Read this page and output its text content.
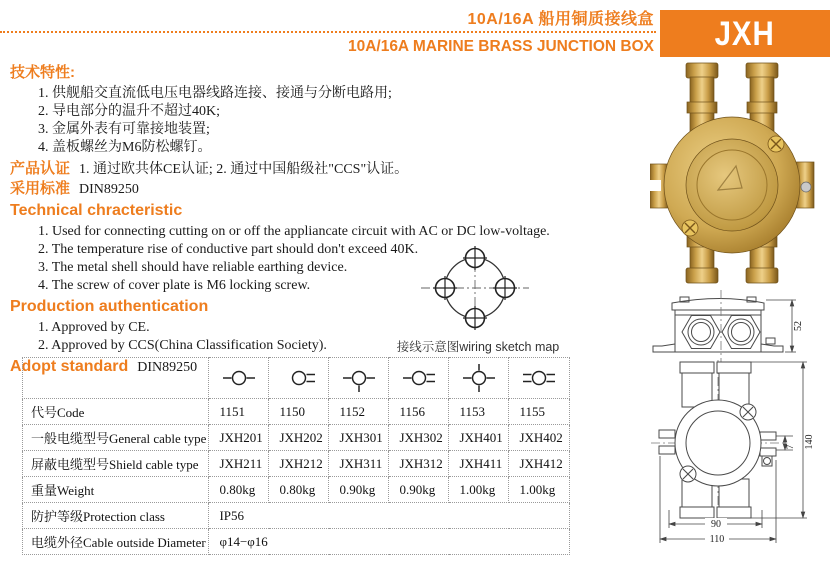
10A/16A 船用铜质接线盒
10A/16A MARINE BRASS JUNCTION BOX JXH
技术特性:
1. 供舰船交直流低电压电器线路连接、接通与分断电路用;
2. 导电部分的温升不超过40K;
3. 金属外表有可靠接地装置;
4. 盖板螺丝为M6防松螺钉。
产品认证 1. 通过欧共体CE认证; 2. 通过中国船级社"CCS"认证。
采用标准 DIN89250
Technical chracteristic
1. Used for connecting cutting on or off the appliancate circuit with AC or DC low-voltage.
2. The temperature rise of conductive part should don't exceed 40K.
3. The metal shell should have reliable earthing device.
4. The screw of cover plate is M6 locking screw.
Production authentication
1. Approved by CE.
2. Approved by CCS(China Classification Society).
Adopt standard DIN89250
接线示意图wiring sketch map

代号Code	1151	1150	1152	1156	1153	1155
一般电缆型号General cable type	JXH201	JXH202	JXH301	JXH302	JXH401	JXH402
屏蔽电缆型号Shield cable type	JXH211	JXH212	JXH311	JXH312	JXH411	JXH412
重量Weight	0.80kg	0.80kg	0.90kg	0.90kg	1.00kg	1.00kg
防护等级Protection class	IP56					
电缆外径Cable outside Diameter	φ14−φ16					
52
7 140
90
110
